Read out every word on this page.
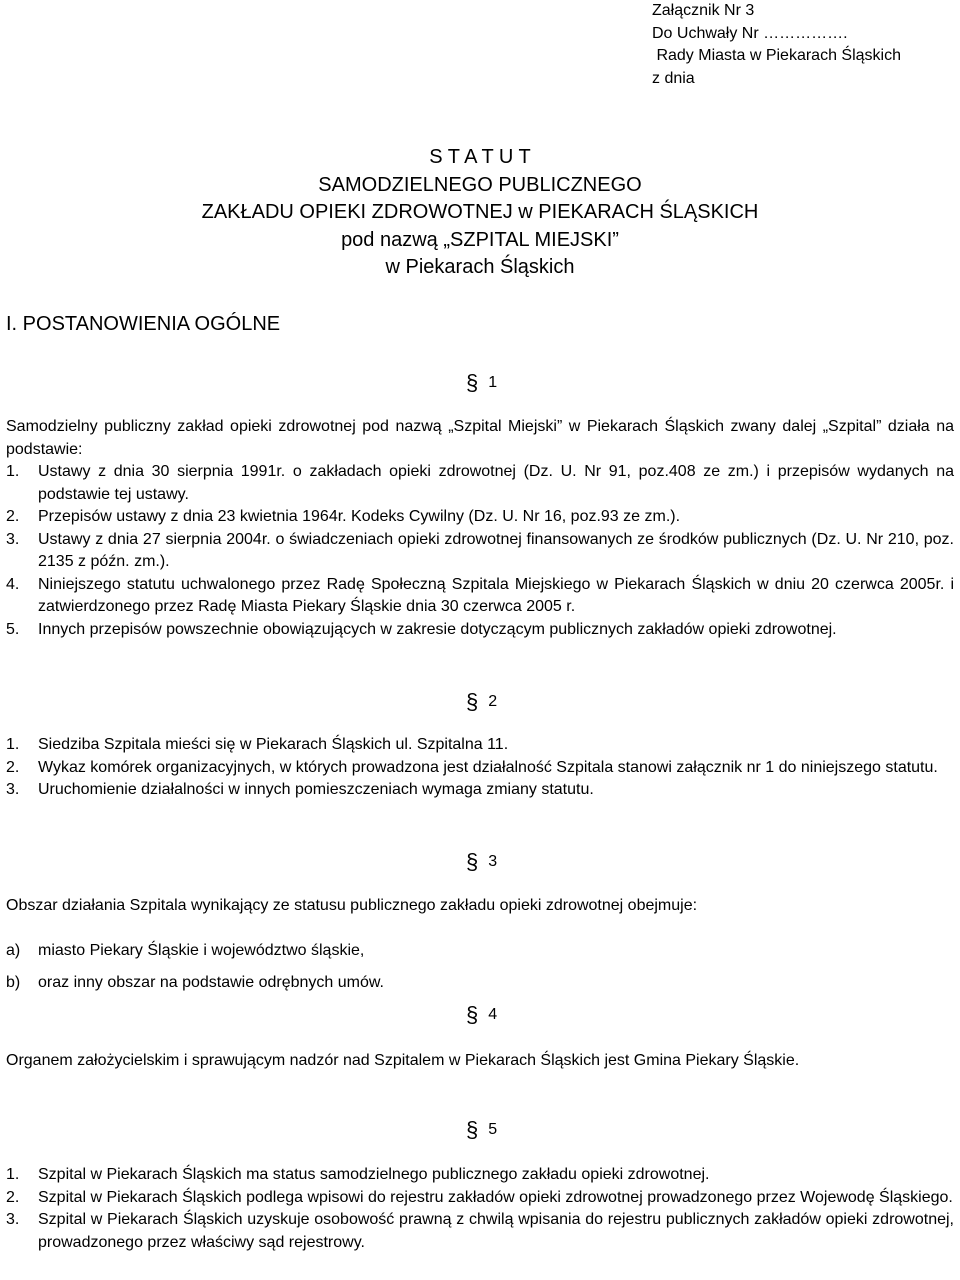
Załącznik Nr 3
Do Uchwały Nr …………….
Rady Miasta w Piekarach Śląskich
z dnia
S T A T U T
SAMODZIELNEGO PUBLICZNEGO
ZAKŁADU OPIEKI ZDROWOTNEJ w PIEKARACH ŚLĄSKICH
pod nazwą „SZPITAL MIEJSKI”
w Piekarach Śląskich
I. POSTANOWIENIA OGÓLNE
§ 1
Samodzielny publiczny zakład opieki zdrowotnej pod nazwą „Szpital Miejski” w Piekarach Śląskich zwany dalej „Szpital” działa na podstawie:
1.	Ustawy z dnia 30 sierpnia 1991r. o zakładach opieki zdrowotnej (Dz. U. Nr 91, poz.408 ze zm.) i przepisów wydanych na podstawie tej ustawy.
2.	Przepisów ustawy z dnia 23 kwietnia 1964r. Kodeks Cywilny (Dz. U. Nr 16, poz.93 ze zm.).
3.	Ustawy z dnia 27 sierpnia 2004r. o świadczeniach opieki zdrowotnej finansowanych ze środków publicznych (Dz. U. Nr 210, poz. 2135 z późn. zm.).
4.	Niniejszego statutu uchwalonego przez Radę Społeczną Szpitala Miejskiego w Piekarach Śląskich w dniu 20 czerwca 2005r. i zatwierdzonego przez Radę Miasta Piekary Śląskie dnia 30 czerwca 2005 r.
5.	Innych przepisów powszechnie obowiązujących w zakresie dotyczącym publicznych zakładów opieki zdrowotnej.
§ 2
1.	Siedziba Szpitala mieści się w Piekarach Śląskich ul. Szpitalna 11.
2.	Wykaz komórek organizacyjnych, w których prowadzona jest działalność Szpitala stanowi załącznik nr 1 do niniejszego statutu.
3.	Uruchomienie działalności w innych pomieszczeniach wymaga zmiany statutu.
§ 3
Obszar działania Szpitala wynikający ze statusu publicznego zakładu opieki zdrowotnej obejmuje:
a)	miasto Piekary Śląskie i województwo śląskie,
b)	oraz inny obszar na podstawie odrębnych umów.
§ 4
Organem założycielskim i sprawującym nadzór nad Szpitalem w Piekarach Śląskich jest Gmina Piekary Śląskie.
§ 5
1.	Szpital w Piekarach Śląskich ma status samodzielnego publicznego zakładu opieki zdrowotnej.
2.	Szpital w Piekarach Śląskich podlega wpisowi do rejestru zakładów opieki zdrowotnej prowadzonego przez Wojewodę Śląskiego.
3.	Szpital w Piekarach Śląskich uzyskuje osobowość prawną z chwilą wpisania do rejestru publicznych zakładów opieki zdrowotnej, prowadzonego przez właściwy sąd rejestrowy.
